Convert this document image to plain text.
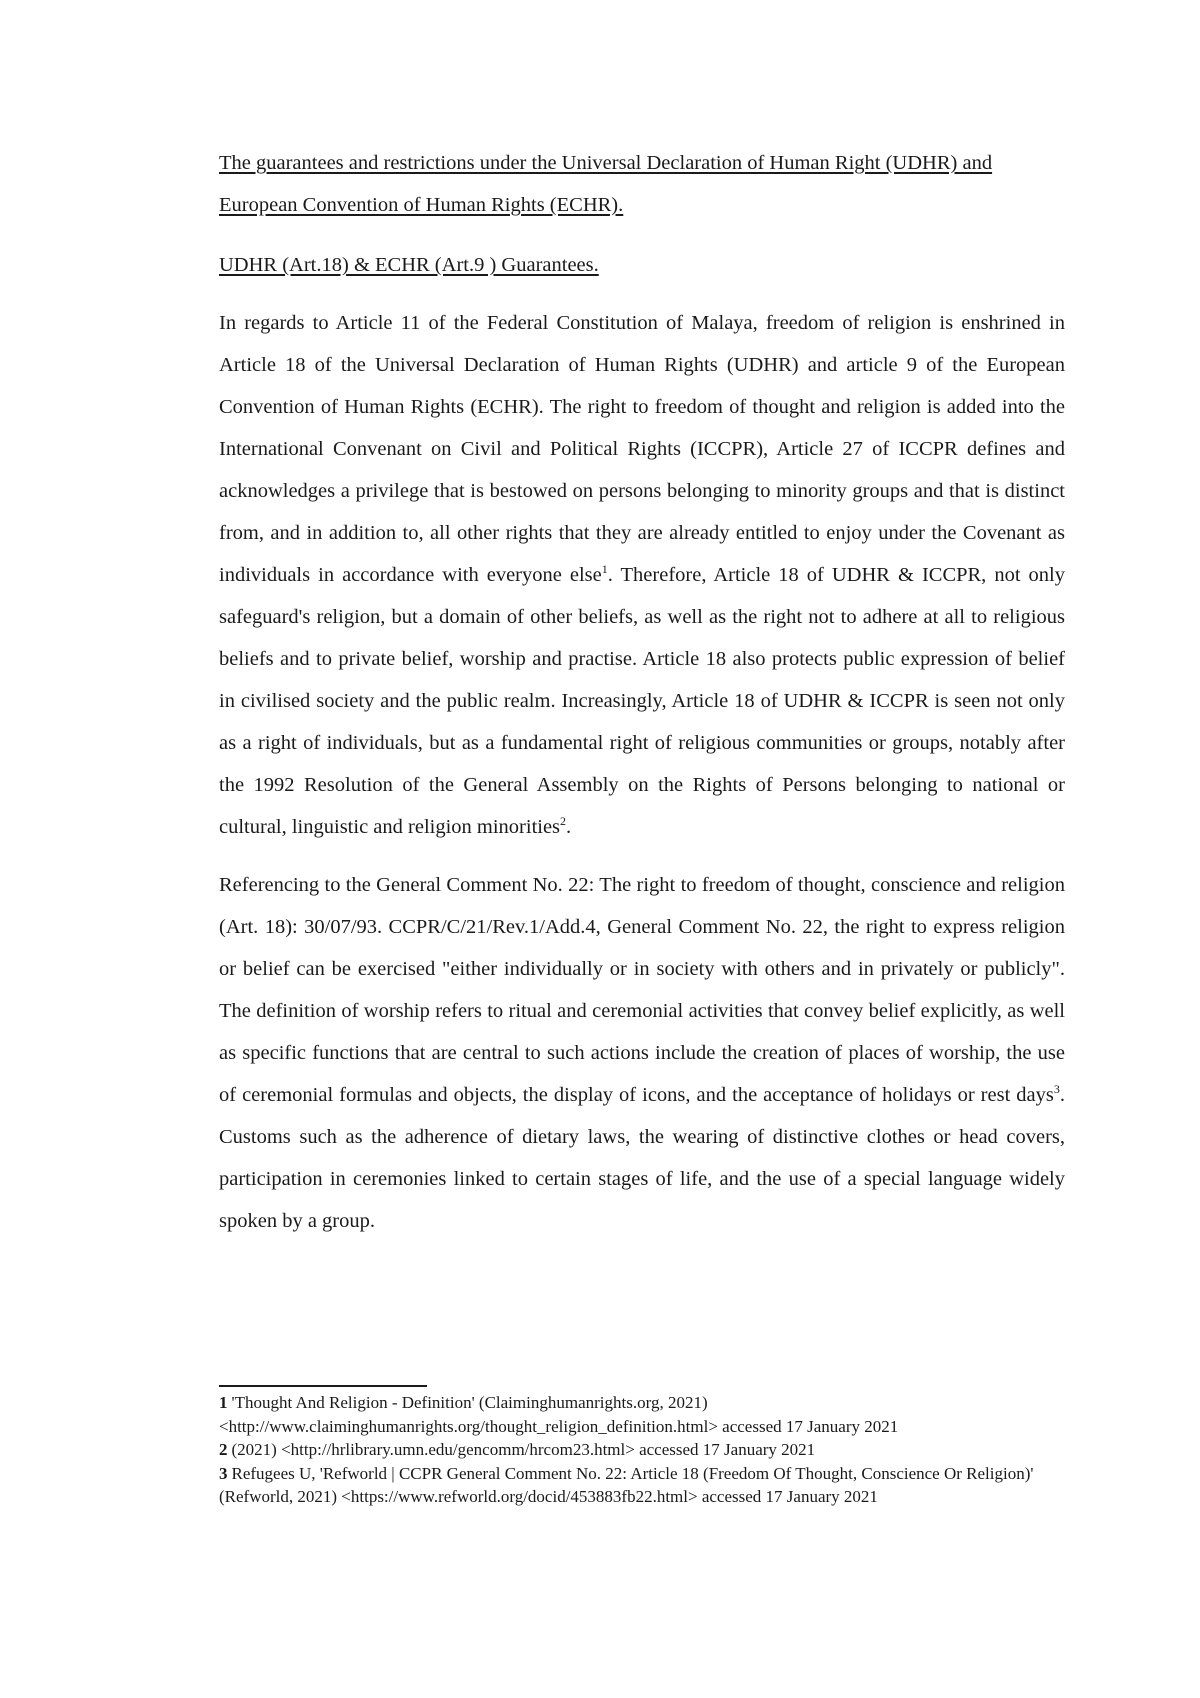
The guarantees and restrictions under the Universal Declaration of Human Right (UDHR) and European Convention of Human Rights (ECHR).

UDHR (Art.18) & ECHR (Art.9 ) Guarantees.

In regards to Article 11 of the Federal Constitution of Malaya, freedom of religion is enshrined in Article 18 of the Universal Declaration of Human Rights (UDHR) and article 9 of the European Convention of Human Rights (ECHR). The right to freedom of thought and religion is added into the International Convenant on Civil and Political Rights (ICCPR), Article 27 of ICCPR defines and acknowledges a privilege that is bestowed on persons belonging to minority groups and that is distinct from, and in addition to, all other rights that they are already entitled to enjoy under the Covenant as individuals in accordance with everyone else$^1$. Therefore, Article 18 of UDHR & ICCPR, not only safeguard's religion, but a domain of other beliefs, as well as the right not to adhere at all to religious beliefs and to private belief, worship and practise. Article 18 also protects public expression of belief in civilised society and the public realm. Increasingly, Article 18 of UDHR & ICCPR is seen not only as a right of individuals, but as a fundamental right of religious communities or groups, notably after the 1992 Resolution of the General Assembly on the Rights of Persons belonging to national or cultural, linguistic and religion minorities$^2$.

Referencing to the General Comment No. 22: The right to freedom of thought, conscience and religion (Art. 18): 30/07/93. CCPR/C/21/Rev.1/Add.4, General Comment No. 22, the right to express religion or belief can be exercised "either individually or in society with others and in privately or publicly". The definition of worship refers to ritual and ceremonial activities that convey belief explicitly, as well as specific functions that are central to such actions include the creation of places of worship, the use of ceremonial formulas and objects, the display of icons, and the acceptance of holidays or rest days$^3$. Customs such as the adherence of dietary laws, the wearing of distinctive clothes or head covers, participation in ceremonies linked to certain stages of life, and the use of a special language widely spoken by a group.

1 'Thought And Religion - Definition' (Claiminghumanrights.org, 2021) <http://www.claiminghumanrights.org/thought_religion_definition.html> accessed 17 January 2021

2 (2021) <http://hrlibrary.umn.edu/gencomm/hrcom23.html> accessed 17 January 2021

3 Refugees U, 'Refworld | CCPR General Comment No. 22: Article 18 (Freedom Of Thought, Conscience Or Religion)' (Refworld, 2021) <https://www.refworld.org/docid/453883fb22.html> accessed 17 January 2021
